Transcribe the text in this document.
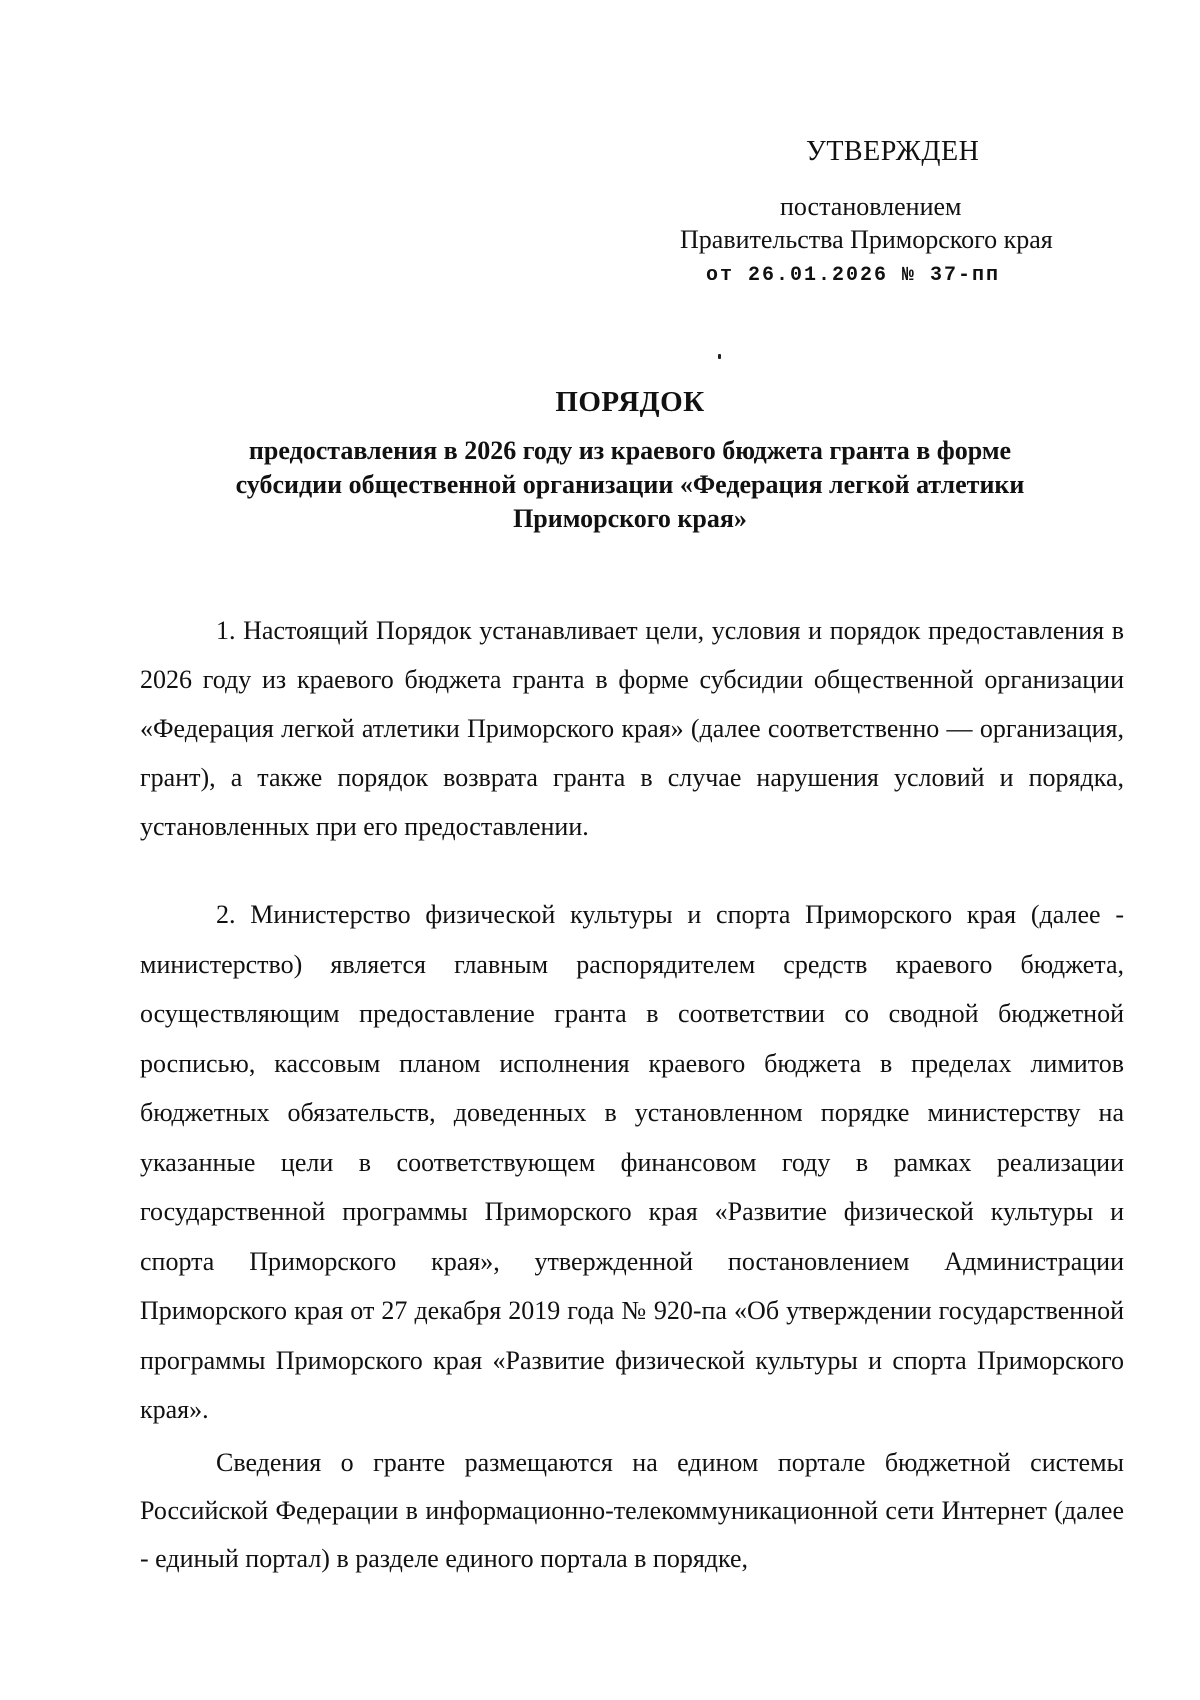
УТВЕРЖДЕН
постановлением
Правительства Приморского края
от 26.01.2026 № 37-пп
ПОРЯДОК
предоставления в 2026 году из краевого бюджета гранта в форме субсидии общественной организации «Федерация легкой атлетики Приморского края»
1. Настоящий Порядок устанавливает цели, условия и порядок предоставления в 2026 году из краевого бюджета гранта в форме субсидии общественной организации «Федерация легкой атлетики Приморского края» (далее соответственно — организация, грант), а также порядок возврата гранта в случае нарушения условий и порядка, установленных при его предоставлении.
2. Министерство физической культуры и спорта Приморского края (далее - министерство) является главным распорядителем средств краевого бюджета, осуществляющим предоставление гранта в соответствии со сводной бюджетной росписью, кассовым планом исполнения краевого бюджета в пределах лимитов бюджетных обязательств, доведенных в установленном порядке министерству на указанные цели в соответствующем финансовом году в рамках реализации государственной программы Приморского края «Развитие физической культуры и спорта Приморского края», утвержденной постановлением Администрации Приморского края от 27 декабря 2019 года № 920-па «Об утверждении государственной программы Приморского края «Развитие физической культуры и спорта Приморского края».
Сведения о гранте размещаются на едином портале бюджетной системы Российской Федерации в информационно-телекоммуникационной сети Интернет (далее - единый портал) в разделе единого портала в порядке,
